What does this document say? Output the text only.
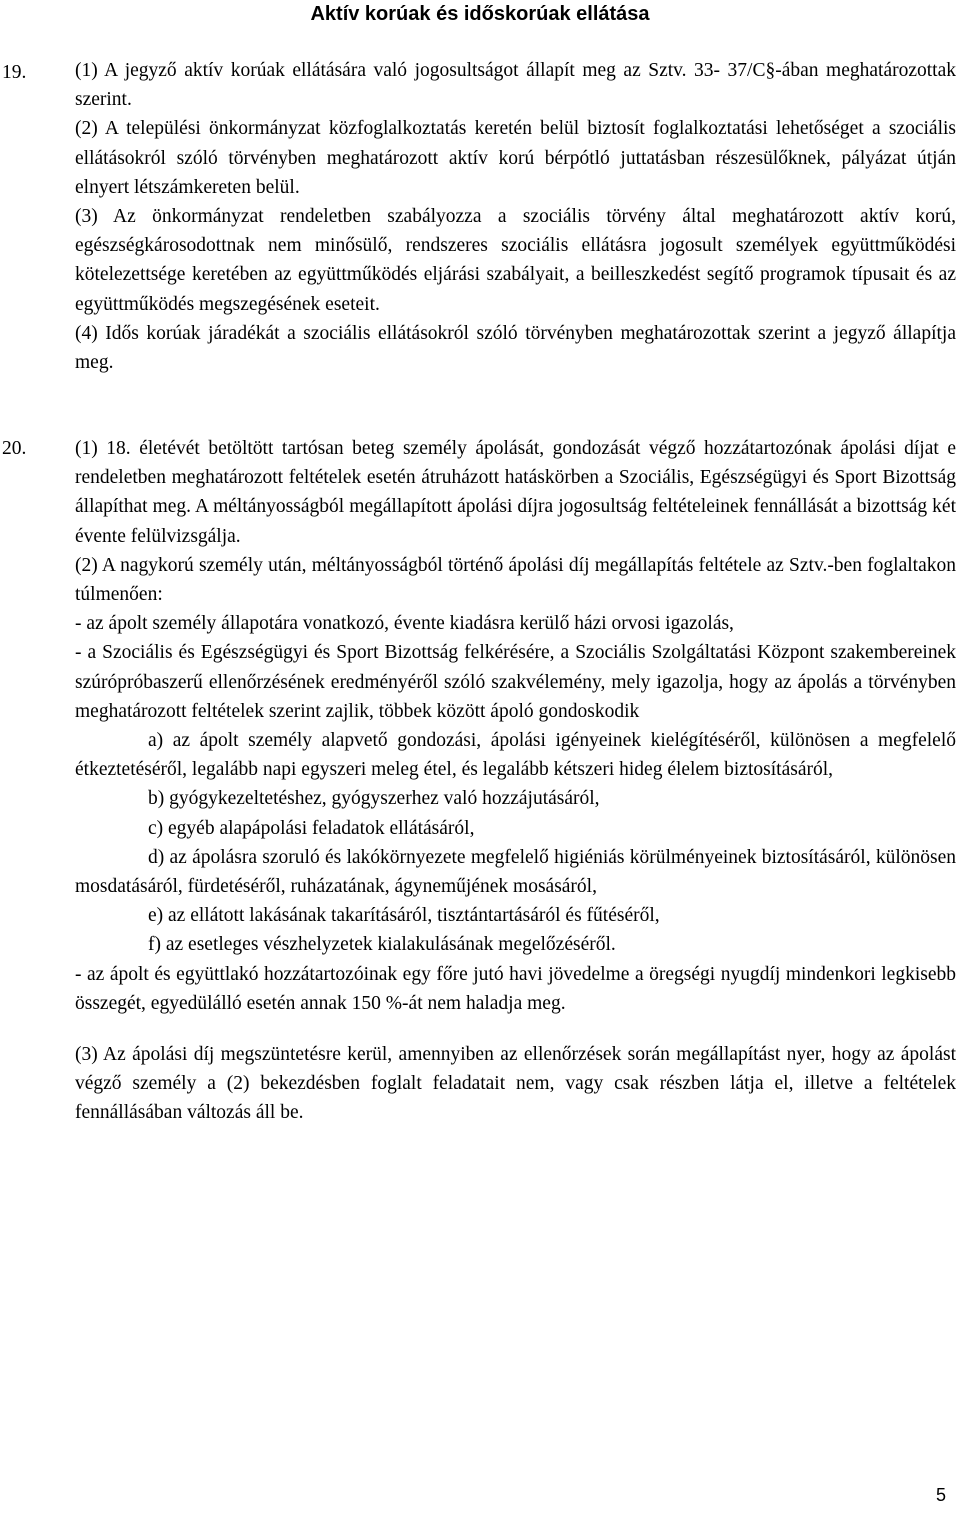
Aktív korúak és időskorúak ellátása
19. (1) A jegyző aktív korúak ellátására való jogosultságot állapít meg az Sztv. 33- 37/C§-ában meghatározottak szerint.

(2) A települési önkormányzat közfoglalkoztatás keretén belül biztosít foglalkoztatási lehetőséget a szociális ellátásokról szóló törvényben meghatározott aktív korú bérpótló juttatásban részesülőknek, pályázat útján elnyert létszámkereten belül.

(3) Az önkormányzat rendeletben szabályozza a szociális törvény által meghatározott aktív korú, egészségkárosodottnak nem minősülő, rendszeres szociális ellátásra jogosult személyek együttműködési kötelezettsége keretében az együttműködés eljárási szabályait, a beilleszkedést segítő programok típusait és az együttműködés megszegésének eseteit.

(4) Idős korúak járadékát a szociális ellátásokról szóló törvényben meghatározottak szerint a jegyző állapítja meg.

20. (1) 18. életévét betöltött tartósan beteg személy ápolását, gondozását végző hozzátartozónak ápolási díjat e rendeletben meghatározott feltételek esetén átruházott hatáskörben a Szociális, Egészségügyi és Sport Bizottság állapíthat meg. A méltányosságból megállapított ápolási díjra jogosultság feltételeinek fennállását a bizottság két évente felülvizsgálja.

(2) A nagykorú személy után, méltányosságból történő ápolási díj megállapítás feltétele az Sztv.-ben foglaltakon túlmenően:

- az ápolt személy állapotára vonatkozó, évente kiadásra kerülő házi orvosi igazolás,

- a Szociális és Egészségügyi és Sport Bizottság felkérésére, a Szociális Szolgáltatási Központ szakembereinek szúrópróbaszerű ellenőrzésének eredményéről szóló szakvélemény, mely igazolja, hogy az ápolás a törvényben meghatározott feltételek szerint zajlik, többek között ápoló gondoskodik

a) az ápolt személy alapvető gondozási, ápolási igényeinek kielégítéséről, különösen a megfelelő étkeztetéséről, legalább napi egyszeri meleg étel, és legalább kétszeri hideg élelem biztosításáról,

b) gyógykezeltetéshez, gyógyszerhez való hozzájutásáról,

c) egyéb alapápolási feladatok ellátásáról,

d) az ápolásra szoruló és lakókörnyezete megfelelő higiéniás körülményeinek biztosításáról, különösen mosdatásáról, fürdetéséről, ruházatának, ágyneműjének mosásáról,

e) az ellátott lakásának takarításáról, tisztántartásáról és fűtéséről,

f) az esetleges vészhelyzetek kialakulásának megelőzéséről.

- az ápolt és együttlakó hozzátartozóinak egy főre jutó havi jövedelme a öregségi nyugdíj mindenkori legkisebb összegét, egyedülálló esetén annak 150 %-át nem haladja meg.

(3) Az ápolási díj megszüntetésre kerül, amennyiben az ellenőrzések során megállapítást nyer, hogy az ápolást végző személy a (2) bekezdésben foglalt feladatait nem, vagy csak részben látja el, illetve a feltételek fennállásában változás áll be.

5
